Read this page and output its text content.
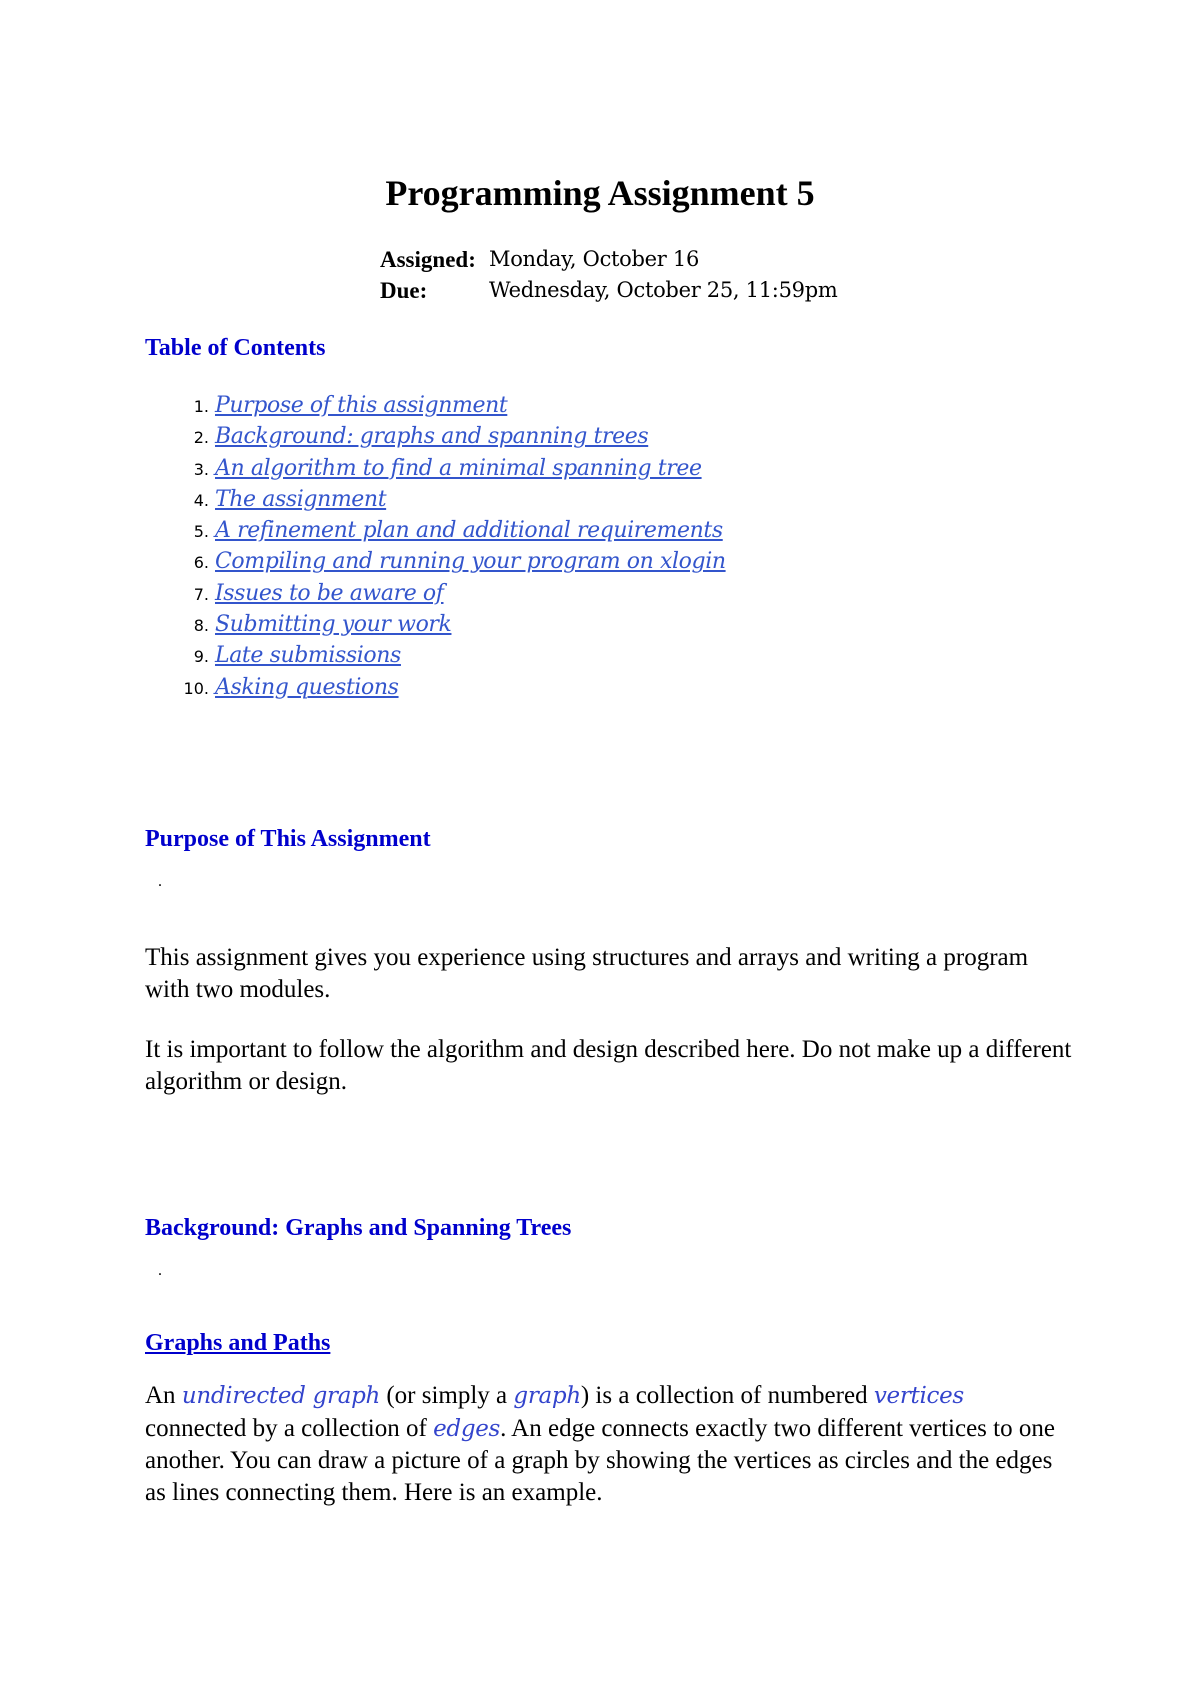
Programming Assignment 5
Assigned: Monday, October 16
Due:	Wednesday, October 25, 11:59pm
Table of Contents
1. Purpose of this assignment
2. Background: graphs and spanning trees
3. An algorithm to find a minimal spanning tree
4. The assignment
5. A refinement plan and additional requirements
6. Compiling and running your program on xlogin
7. Issues to be aware of
8. Submitting your work
9. Late submissions
10. Asking questions
Purpose of This Assignment
.

This assignment gives you experience using structures and arrays and writing a program with two modules.

It is important to follow the algorithm and design described here. Do not make up a different algorithm or design.

Background: Graphs and Spanning Trees
.
Graphs and Paths

An undirected graph (or simply a graph) is a collection of numbered vertices connected by a collection of edges. An edge connects exactly two different vertices to one another. You can draw a picture of a graph by showing the vertices as circles and the edges as lines connecting them. Here is an example.
